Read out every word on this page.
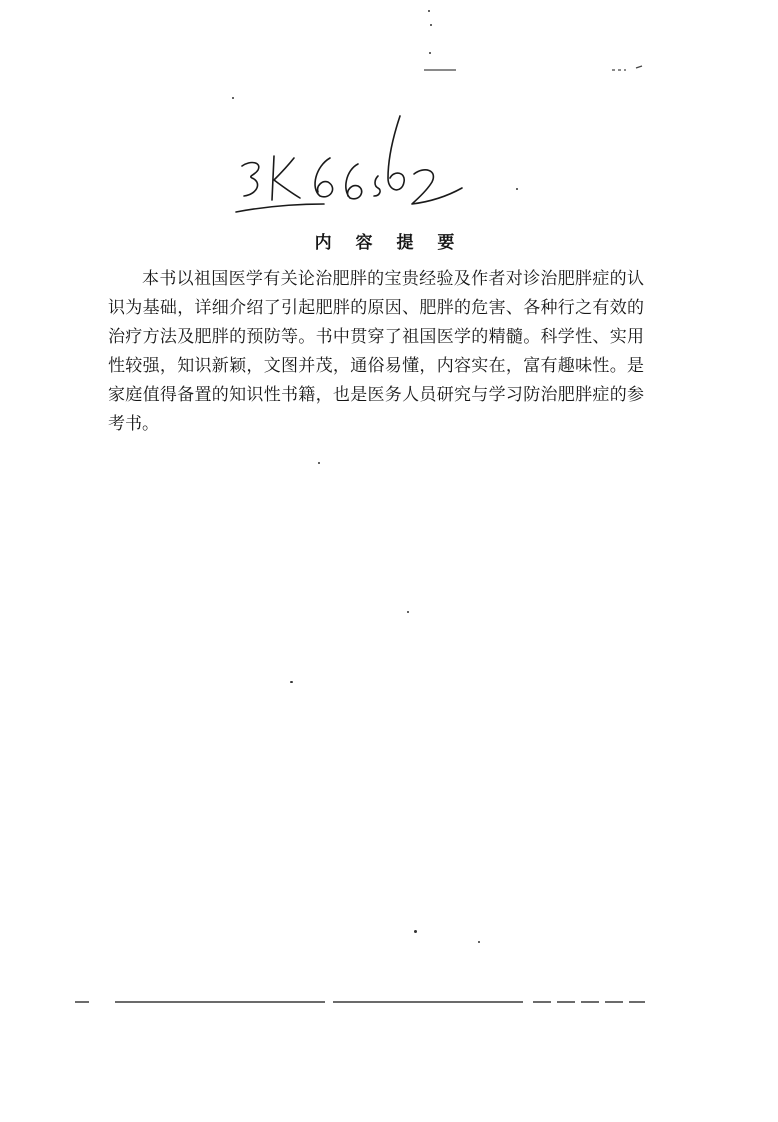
内 容 提 要

本书以祖国医学有关论治肥胖的宝贵经验及作者对诊治肥胖症的认识为基础，详细介绍了引起肥胖的原因、肥胖的危害、各种行之有效的治疗方法及肥胖的预防等。书中贯穿了祖国医学的精髓。科学性、实用性较强，知识新颖，文图并茂，通俗易懂，内容实在，富有趣味性。是家庭值得备置的知识性书籍，也是医务人员研究与学习防治肥胖症的参考书。
